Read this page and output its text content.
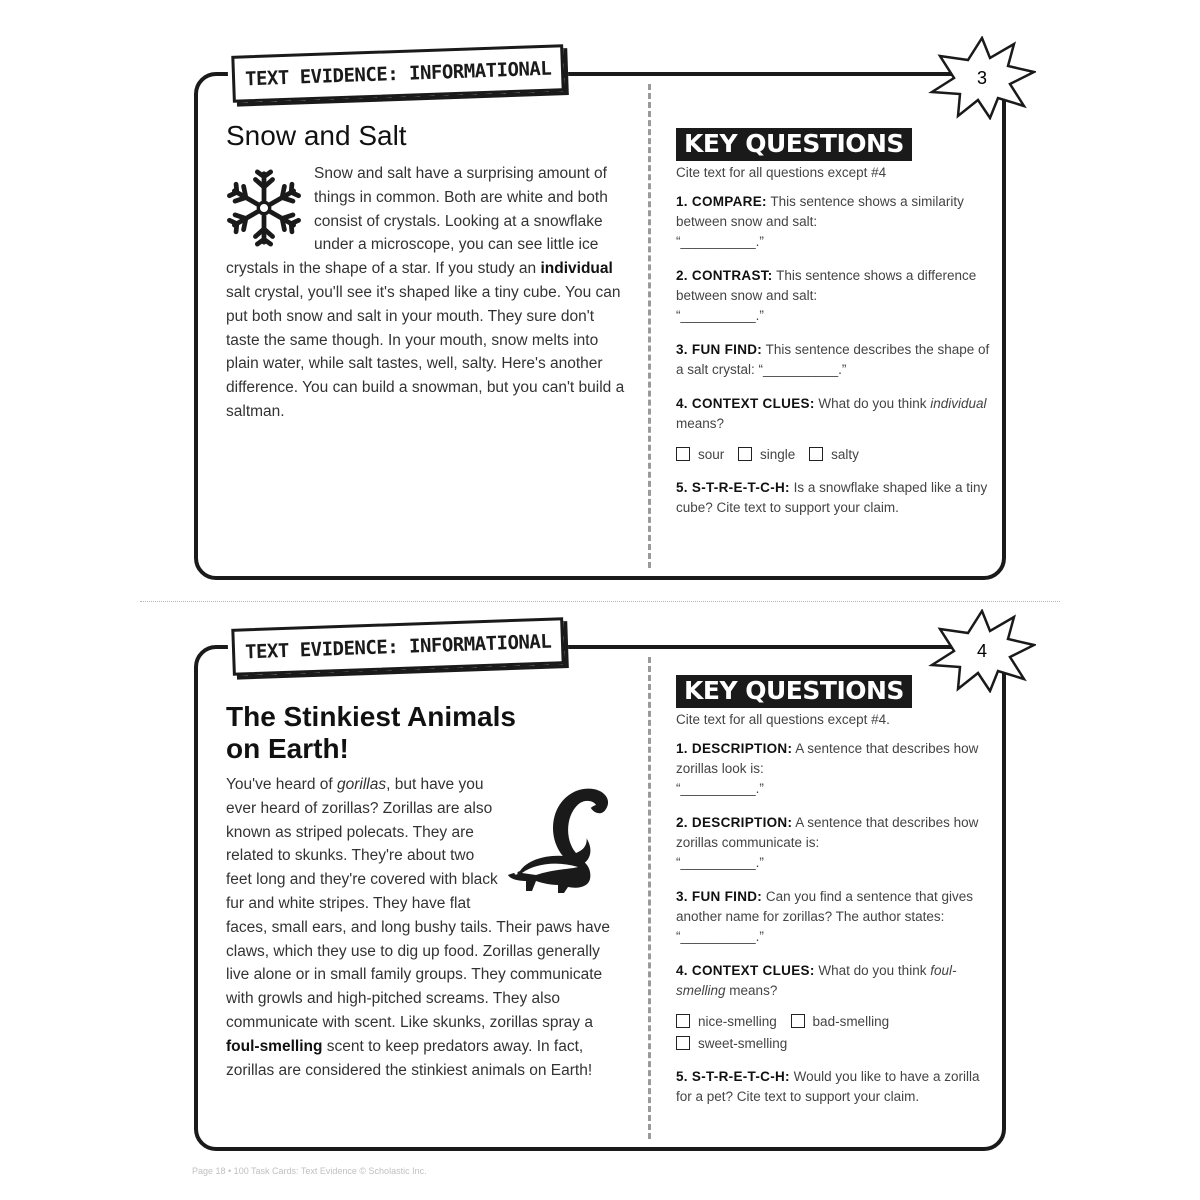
TEXT EVIDENCE: INFORMATIONAL	3
Snow and Salt
Snow and salt have a surprising amount of things in common. Both are white and both consist of crystals. Looking at a snowflake under a microscope, you can see little ice crystals in the shape of a star. If you study an individual salt crystal, you'll see it's shaped like a tiny cube. You can put both snow and salt in your mouth. They sure don't taste the same though. In your mouth, snow melts into plain water, while salt tastes, well, salty. Here's another difference. You can build a snowman, but you can't build a saltman.
KEY QUESTIONS
Cite text for all questions except #4
1. COMPARE: This sentence shows a similarity between snow and salt:
“__________.”
2. CONTRAST: This sentence shows a difference between snow and salt:
“__________.”
3. FUN FIND: This sentence describes the shape of a salt crystal: “__________.”
4. CONTEXT CLUES: What do you think individual means?
sour	single	salty
5. S-T-R-E-T-C-H: Is a snowflake shaped like a tiny cube? Cite text to support your claim.
TEXT EVIDENCE: INFORMATIONAL	4
The Stinkiest Animals on Earth!
You've heard of gorillas, but have you ever heard of zorillas? Zorillas are also known as striped polecats. They are related to skunks. They're about two feet long and they're covered with black fur and white stripes. They have flat faces, small ears, and long bushy tails. Their paws have claws, which they use to dig up food. Zorillas generally live alone or in small family groups. They communicate with growls and high-pitched screams. They also communicate with scent. Like skunks, zorillas spray a foul-smelling scent to keep predators away. In fact, zorillas are considered the stinkiest animals on Earth!
KEY QUESTIONS
Cite text for all questions except #4.
1. DESCRIPTION: A sentence that describes how zorillas look is:
“__________.”
2. DESCRIPTION: A sentence that describes how zorillas communicate is:
“__________.”
3. FUN FIND: Can you find a sentence that gives another name for zorillas? The author states: “__________.”
4. CONTEXT CLUES: What do you think foul-smelling means?
nice-smelling	bad-smelling
sweet-smelling
5. S-T-R-E-T-C-H: Would you like to have a zorilla for a pet? Cite text to support your claim.
Page 18 • 100 Task Cards: Text Evidence © Scholastic Inc.
